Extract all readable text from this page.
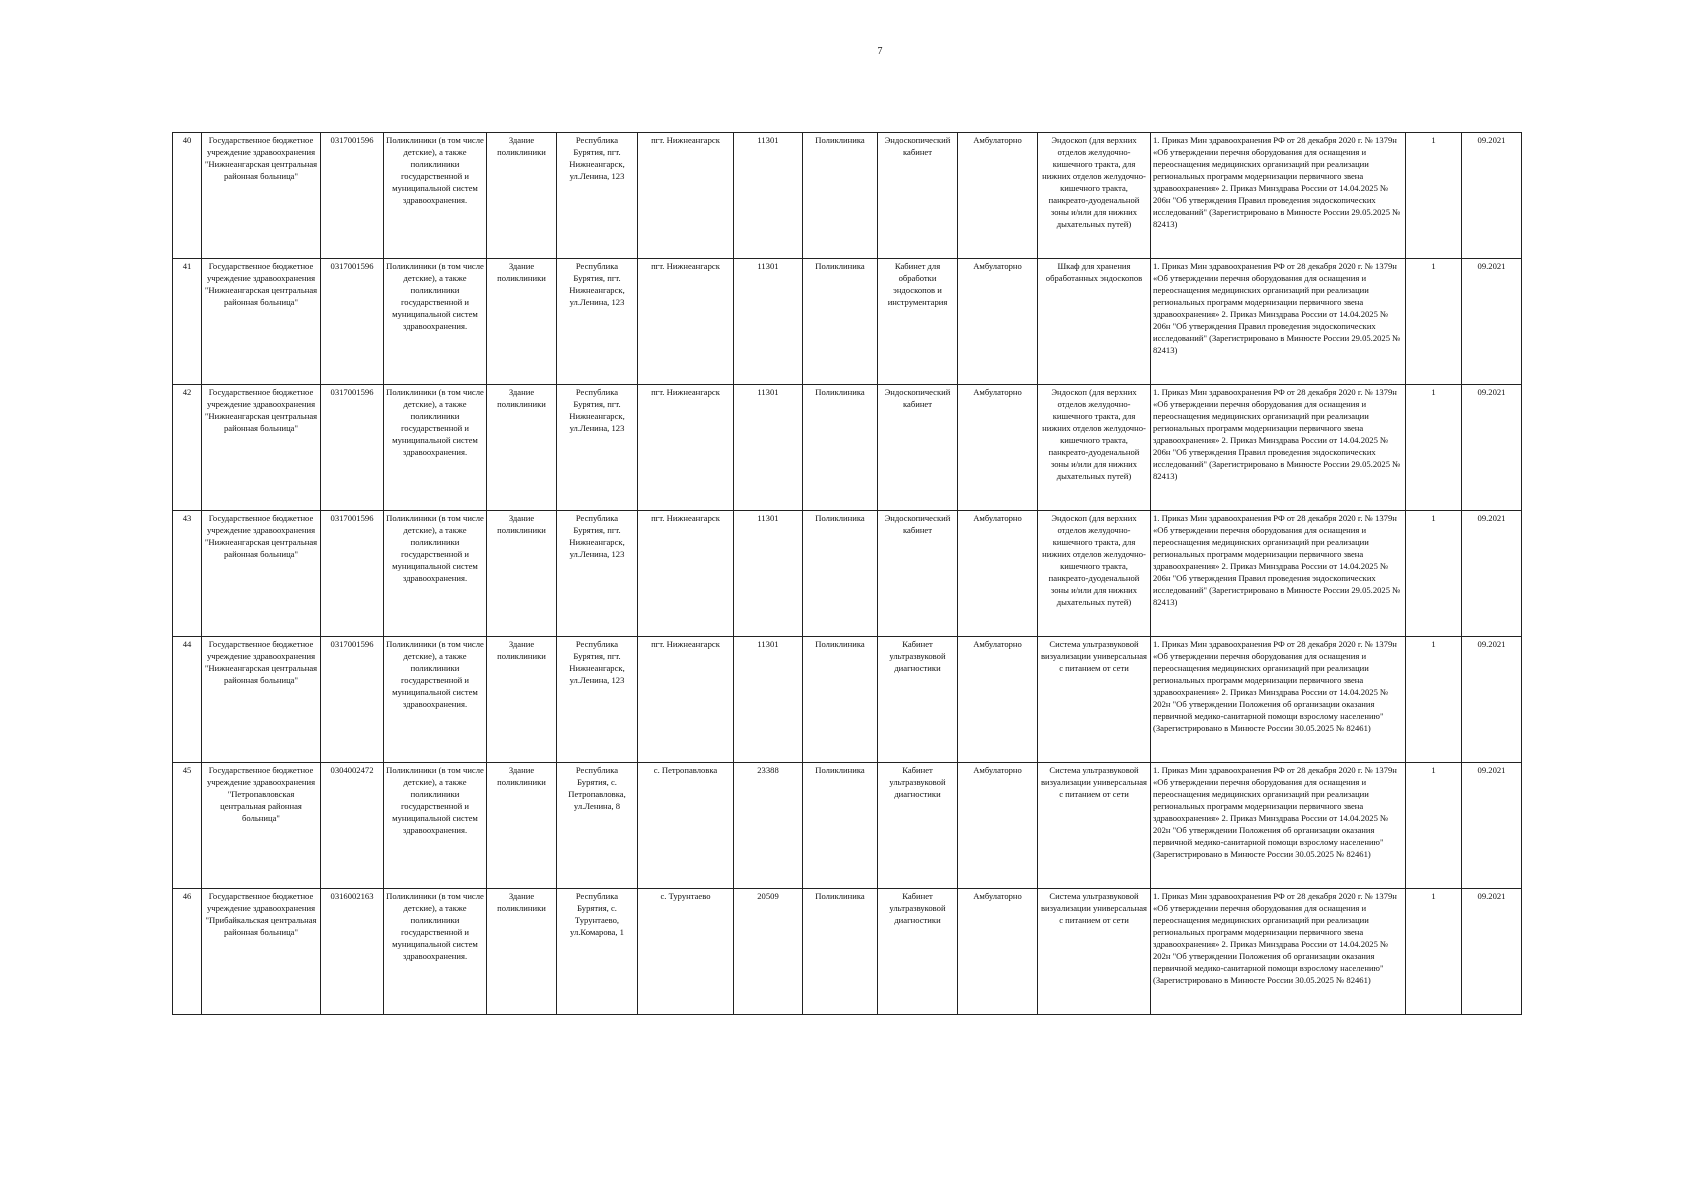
7
40	Государственное бюджетное учреждение здравоохранения "Нижнеангарская центральная районная больница"	0317001596	Поликлиники (в том числе детские), а также поликлиники государственной и муниципальной систем здравоохранения.	Здание поликлиники	Республика Бурятия, пгт. Нижнеангарск, ул.Ленина, 123	пгт. Нижнеангарск	11301	Поликлиника	Эндоскопический кабинет	Амбулаторно	Эндоскоп (для верхних отделов желудочно-кишечного тракта, для нижних отделов желудочно-кишечного тракта, панкреато-дуоденальной зоны и/или для нижних дыхательных путей)	1. Приказ Мин здравоохранения РФ от 28 декабря 2020 г. № 1379н «Об утверждении перечня оборудования для оснащения и переоснащения медицинских организаций при реализации региональных программ модернизации первичного звена здравоохранения» 2. Приказ Минздрава России от 14.04.2025 № 206н "Об утверждения Правил проведения эндоскопических исследований" (Зарегистрировано в Минюсте России 29.05.2025 № 82413)	1	09.2021
41	Государственное бюджетное учреждение здравоохранения "Нижнеангарская центральная районная больница"	0317001596	Поликлиники (в том числе детские), а также поликлиники государственной и муниципальной систем здравоохранения.	Здание поликлиники	Республика Бурятия, пгт. Нижнеангарск, ул.Ленина, 123	пгт. Нижнеангарск	11301	Поликлиника	Кабинет для обработки эндоскопов и инструментария	Амбулаторно	Шкаф для хранения обработанных эндоскопов	1. Приказ Мин здравоохранения РФ от 28 декабря 2020 г. № 1379н «Об утверждении перечня оборудования для оснащения и переоснащения медицинских организаций при реализации региональных программ модернизации первичного звена здравоохранения» 2. Приказ Минздрава России от 14.04.2025 № 206н "Об утверждения Правил проведения эндоскопических исследований" (Зарегистрировано в Минюсте России 29.05.2025 № 82413)	1	09.2021
42	Государственное бюджетное учреждение здравоохранения "Нижнеангарская центральная районная больница"	0317001596	Поликлиники (в том числе детские), а также поликлиники государственной и муниципальной систем здравоохранения.	Здание поликлиники	Республика Бурятия, пгт. Нижнеангарск, ул.Ленина, 123	пгт. Нижнеангарск	11301	Поликлиника	Эндоскопический кабинет	Амбулаторно	Эндоскоп (для верхних отделов желудочно-кишечного тракта, для нижних отделов желудочно-кишечного тракта, панкреато-дуоденальной зоны и/или для нижних дыхательных путей)	1. Приказ Мин здравоохранения РФ от 28 декабря 2020 г. № 1379н «Об утверждении перечня оборудования для оснащения и переоснащения медицинских организаций при реализации региональных программ модернизации первичного звена здравоохранения» 2. Приказ Минздрава России от 14.04.2025 № 206н "Об утверждения Правил проведения эндоскопических исследований" (Зарегистрировано в Минюсте России 29.05.2025 № 82413)	1	09.2021
43	Государственное бюджетное учреждение здравоохранения "Нижнеангарская центральная районная больница"	0317001596	Поликлиники (в том числе детские), а также поликлиники государственной и муниципальной систем здравоохранения.	Здание поликлиники	Республика Бурятия, пгт. Нижнеангарск, ул.Ленина, 123	пгт. Нижнеангарск	11301	Поликлиника	Эндоскопический кабинет	Амбулаторно	Эндоскоп (для верхних отделов желудочно-кишечного тракта, для нижних отделов желудочно-кишечного тракта, панкреато-дуоденальной зоны и/или для нижних дыхательных путей)	1. Приказ Мин здравоохранения РФ от 28 декабря 2020 г. № 1379н «Об утверждении перечня оборудования для оснащения и переоснащения медицинских организаций при реализации региональных программ модернизации первичного звена здравоохранения» 2. Приказ Минздрава России от 14.04.2025 № 206н "Об утверждения Правил проведения эндоскопических исследований" (Зарегистрировано в Минюсте России 29.05.2025 № 82413)	1	09.2021
44	Государственное бюджетное учреждение здравоохранения "Нижнеангарская центральная районная больница"	0317001596	Поликлиники (в том числе детские), а также поликлиники государственной и муниципальной систем здравоохранения.	Здание поликлиники	Республика Бурятия, пгт. Нижнеангарск, ул.Ленина, 123	пгт. Нижнеангарск	11301	Поликлиника	Кабинет ультразвуковой диагностики	Амбулаторно	Система ультразвуковой визуализации универсальная с питанием от сети	1. Приказ Мин здравоохранения РФ от 28 декабря 2020 г. № 1379н «Об утверждении перечня оборудования для оснащения и переоснащения медицинских организаций при реализации региональных программ модернизации первичного звена здравоохранения» 2. Приказ Минздрава России от 14.04.2025 № 202н "Об утверждении Положения об организации оказания первичной медико-санитарной помощи взрослому населению" (Зарегистрировано в Минюсте России 30.05.2025 № 82461)	1	09.2021
45	Государственное бюджетное учреждение здравоохранения "Петропавловская центральная районная больница"	0304002472	Поликлиники (в том числе детские), а также поликлиники государственной и муниципальной систем здравоохранения.	Здание поликлиники	Республика Бурятия, с. Петропавловка, ул.Ленина, 8	с. Петропавловка	23388	Поликлиника	Кабинет ультразвуковой диагностики	Амбулаторно	Система ультразвуковой визуализации универсальная с питанием от сети	1. Приказ Мин здравоохранения РФ от 28 декабря 2020 г. № 1379н «Об утверждении перечня оборудования для оснащения и переоснащения медицинских организаций при реализации региональных программ модернизации первичного звена здравоохранения» 2. Приказ Минздрава России от 14.04.2025 № 202н "Об утверждении Положения об организации оказания первичной медико-санитарной помощи взрослому населению" (Зарегистрировано в Минюсте России 30.05.2025 № 82461)	1	09.2021
46	Государственное бюджетное учреждение здравоохранения "Прибайкальская центральная районная больница"	0316002163	Поликлиники (в том числе детские), а также поликлиники государственной и муниципальной систем здравоохранения.	Здание поликлиники	Республика Бурятия, с. Турунтаево, ул.Комарова, 1	с. Турунтаево	20509	Поликлиника	Кабинет ультразвуковой диагностики	Амбулаторно	Система ультразвуковой визуализации универсальная с питанием от сети	1. Приказ Мин здравоохранения РФ от 28 декабря 2020 г. № 1379н «Об утверждении перечня оборудования для оснащения и переоснащения медицинских организаций при реализации региональных программ модернизации первичного звена здравоохранения» 2. Приказ Минздрава России от 14.04.2025 № 202н "Об утверждении Положения об организации оказания первичной медико-санитарной помощи взрослому населению" (Зарегистрировано в Минюсте России 30.05.2025 № 82461)	1	09.2021
